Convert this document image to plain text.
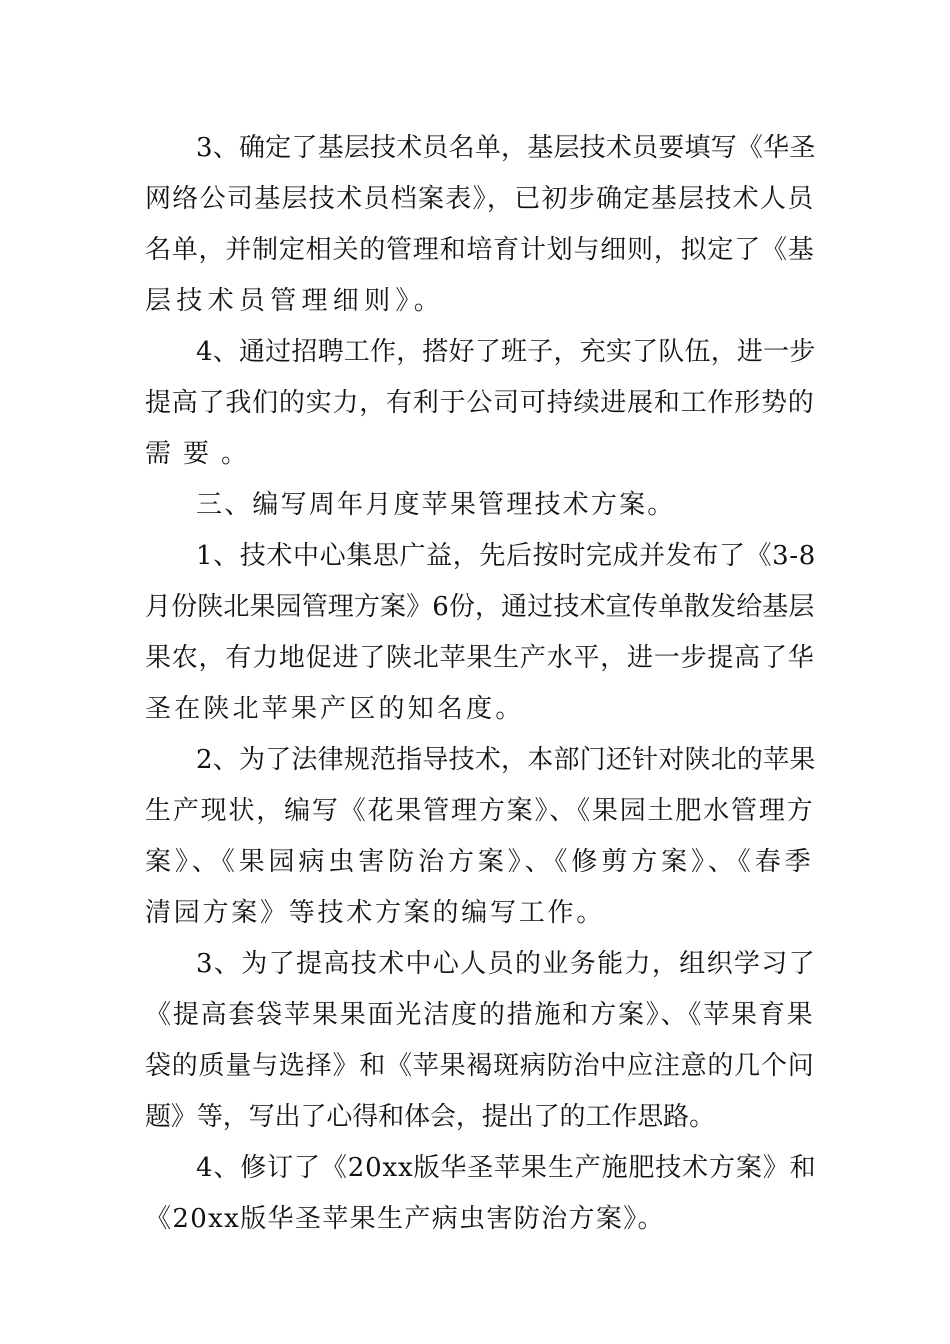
3、确定了基层技术员名单，基层技术员要填写《华圣
网络公司基层技术员档案表》，已初步确定基层技术人员
名单，并制定相关的管理和培育计划与细则，拟定了《基
层技术员管理细则》。
4、通过招聘工作，搭好了班子，充实了队伍，进一步
提高了我们的实力，有利于公司可持续进展和工作形势的
需要。
三、编写周年月度苹果管理技术方案。
1、技术中心集思广益，先后按时完成并发布了《3-8
月份陕北果园管理方案》6份，通过技术宣传单散发给基层
果农，有力地促进了陕北苹果生产水平，进一步提高了华
圣在陕北苹果产区的知名度。
2、为了法律规范指导技术，本部门还针对陕北的苹果
生产现状，编写《花果管理方案》、《果园土肥水管理方
案》、《果园病虫害防治方案》、《修剪方案》、《春季
清园方案》等技术方案的编写工作。
3、为了提高技术中心人员的业务能力，组织学习了
《提高套袋苹果果面光洁度的措施和方案》、《苹果育果
袋的质量与选择》和《苹果褐斑病防治中应注意的几个问
题》等，写出了心得和体会，提出了的工作思路。
4、修订了《20xx版华圣苹果生产施肥技术方案》和
《20xx版华圣苹果生产病虫害防治方案》。
